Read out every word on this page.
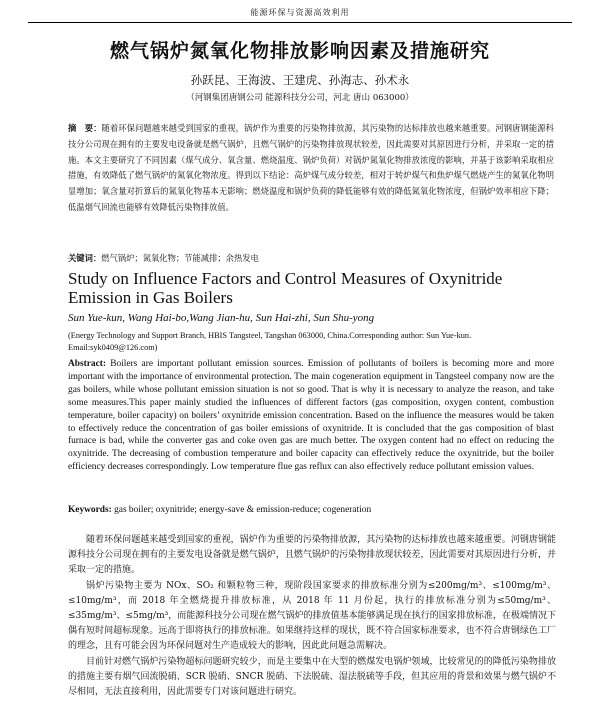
能源环保与资源高效利用
燃气锅炉氮氧化物排放影响因素及措施研究
孙跃昆、王海波、王建虎、孙海志、孙术永
（河钢集团唐钢公司 能源科技分公司，河北 唐山 063000）
摘　要：随着环保问题越来越受到国家的重视，锅炉作为重要的污染物排放源，其污染物的达标排放也越来越重要。河钢唐钢能源科技分公司现在拥有的主要发电设备就是燃气锅炉，且燃气锅炉的污染物排放现状较差，因此需要对其原因进行分析，并采取一定的措施。本文主要研究了不同因素（煤气成分、氧含量、燃烧温度、锅炉负荷）对锅炉氮氧化物排放浓度的影响，并基于该影响采取相应措施，有效降低了燃气锅炉的氮氧化物浓度。得到以下结论：高炉煤气成分较差，相对于转炉煤气和焦炉煤气燃烧产生的氮氧化物明显增加；氧含量对折算后的氮氧化物基本无影响；燃烧温度和锅炉负荷的降低能够有效的降低氮氧化物浓度，但锅炉效率相应下降；低温烟气回流也能够有效降低污染物排放值。
关键词：燃气锅炉；氮氧化物；节能减排；余热发电
Study on Influence Factors and Control Measures of Oxynitride Emission in Gas Boilers
Sun Yue-kun, Wang Hai-bo,Wang Jian-hu, Sun Hai-zhi, Sun Shu-yong
(Energy Technology and Support Branch, HBIS Tangsteel, Tangshan 063000, China.Corresponding author: Sun Yue-kun. Email:syk0409@126.com)
Abstract: Boilers are important pollutant emission sources. Emission of pollutants of boilers is becoming more and more important with the importance of environmental protection. The main cogeneration equipment in Tangsteel company now are the gas boilers, while whose pollutant emission situation is not so good. That is why it is necessary to analyze the reason, and take some measures.This paper mainly studied the influences of different factors (gas composition, oxygen content, combustion temperature, boiler capacity) on boilers’ oxynitride emission concentration. Based on the influence the measures would be taken to effectively reduce the concentration of gas boiler emissions of oxynitride. It is concluded that the gas composition of blast furnace is bad, while the converter gas and coke oven gas are much better. The oxygen content had no effect on reducing the oxynitride. The decreasing of combustion temperature and boiler capacity can effectively reduce the oxynitride, but the boiler efficiency decreases correspondingly. Low temperature flue gas reflux can also effectively reduce pollutant emission values.
Keywords: gas boiler; oxynitride; energy-save & emission-reduce; cogeneration

随着环保问题越来越受到国家的重视，锅炉作为重要的污染物排放源，其污染物的达标排放也越来越重要。河钢唐钢能源科技分公司现在拥有的主要发电设备就是燃气锅炉，且燃气锅炉的污染物排放现状较差，因此需要对其原因进行分析，并采取一定的措施。

锅炉污染物主要为 NOx、SO₂ 和颗粒物三种，现阶段国家要求的排放标准分别为≤200mg/m³、≤100mg/m³、≤10mg/m³，而 2018 年全燃烧提升排放标准，从 2018 年 11 月份起，执行的排放标准分别为≤50mg/m³、≤35mg/m³、≤5mg/m³，而能源科技分公司现在燃气锅炉的排放值基本能够满足现在执行的国家排放标准，在极端情况下偶有短时间超标现象。远高于即将执行的排放标准。如果继持这样的现状，既不符合国家标准要求，也不符合唐钢绿色工厂的理念，且有可能会因为环保问题对生产造成较大的影响，因此此问题急需解决。

目前针对燃气锅炉污染物超标问题研究较少，而是主要集中在大型的燃煤发电锅炉领域，比较常见的的降低污染物排放的措施主要有烟气回流脱硝、SCR 脱硝、SNCR 脱硝、下法脱硫、湿法脱硫等手段，但其应用的背景和效果与燃气锅炉不尽相同，无法直接利用，因此需要专门对该问题进行研究。
